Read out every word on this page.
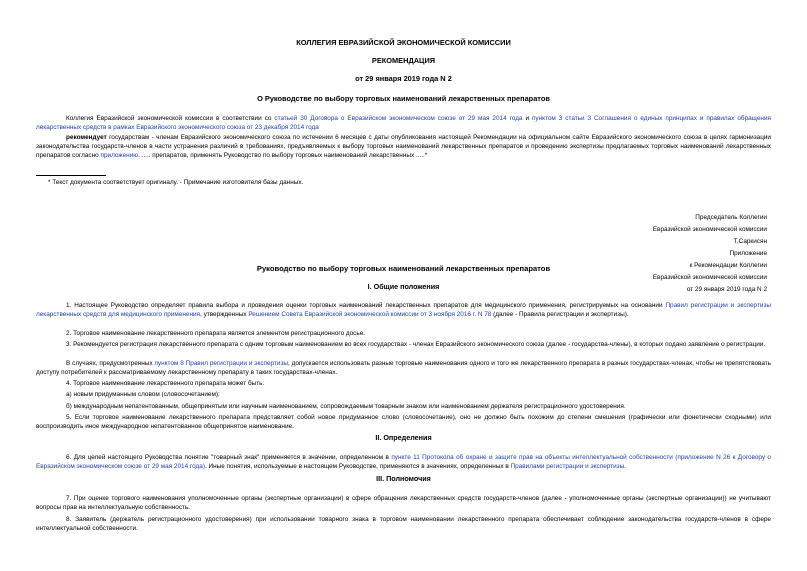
КОЛЛЕГИЯ ЕВРАЗИЙСКОЙ ЭКОНОМИЧЕСКОЙ КОМИССИИ
РЕКОМЕНДАЦИЯ
от 29 января 2019 года N 2
О Руководстве по выбору торговых наименований лекарственных препаратов
Коллегия Евразийской экономической комиссии в соответствии со статьей 30 Договора о Евразийском экономическом союзе от 29 мая 2014 года и пунктом 3 статьи 3 Соглашения о единых принципах и правилах обращения лекарственных средств в рамках Евразийского экономического союза от 23 декабря 2014 года
рекомендует государствам - членам Евразийского экономического союза по истечении 6 месяцев с даты опубликования настоящей Рекомендации на официальном сайте Евразийского экономического союза в целях гармонизации законодательства государств-членов в части устранения различий в требованиях, предъявляемых к выбору торговых наименований лекарственных препаратов и проведению экспертизы предлагаемых торговых наименований лекарственных препаратов согласно приложению. ..... препаратов, применять Руководство по выбору торговых наименований лекарственных .....*
* Текст документа соответствует оригиналу. - Примечание изготовителя базы данных.
Председатель Коллегии
Евразийской экономической комиссии
Т.Саркисян
Приложение
к Рекомендации Коллегии
Евразийской экономической комиссии
от 29 января 2019 года N 2
Руководство по выбору торговых наименований лекарственных препаратов
I. Общие положения
1. Настоящее Руководство определяет правила выбора и проведения оценки торговых наименований лекарственных препаратов для медицинского применения, регистрируемых на основании Правил регистрации и экспертизы лекарственных средств для медицинского применения, утвержденных Решением Совета Евразийской экономической комиссии от 3 ноября 2016 г. N 78 (далее - Правила регистрации и экспертизы).
2. Торговое наименование лекарственного препарата является элементом регистрационного досье.
3. Рекомендуется регистрация лекарственного препарата с одним торговым наименованием во всех государствах - членах Евразийского экономического союза (далее - государства-члены), в которых подано заявление о регистрации.
В случаях, предусмотренных пунктом 8 Правил регистрации и экспертизы, допускается использовать разные торговые наименования одного и того же лекарственного препарата в разных государствах-членах, чтобы не препятствовать доступу потребителей к рассматриваемому лекарственному препарату в таких государствах-членах.
4. Торговое наименование лекарственного препарата может быть:
а) новым придуманным словом (словосочетанием);
б) международным непатентованным, общепринятым или научным наименованием, сопровождаемым товарным знаком или наименованием держателя регистрационного удостоверения.
5. Если торговое наименование лекарственного препарата представляет собой новое придуманное слово (словосочетание), оно не должно быть похожим до степени смешения (графически или фонетически сходными) или воспроизводить иное международное непатентованное общепринятое наименование.
II. Определения
6. Для целей настоящего Руководства понятие "товарный знак" применяется в значении, определенном в пункте 11 Протокола об охране и защите прав на объекты интеллектуальной собственности (приложение N 26 к Договору о Евразийском экономическом союзе от 29 мая 2014 года). Иные понятия, используемые в настоящем Руководстве, применяются в значениях, определенных в Правилами регистрации и экспертизы.
III. Полномочия
7. При оценке торгового наименования уполномоченные органы (экспертные организации) в сфере обращения лекарственных средств государств-членов (далее - уполномоченные органы (экспертные организации)) не учитывают вопросы прав на интеллектуальную собственность.
8. Заявитель (держатель регистрационного удостоверения) при использовании товарного знака в торговом наименовании лекарственного препарата обеспечивает соблюдение законодательства государств-членов в сфере интеллектуальной собственности.
